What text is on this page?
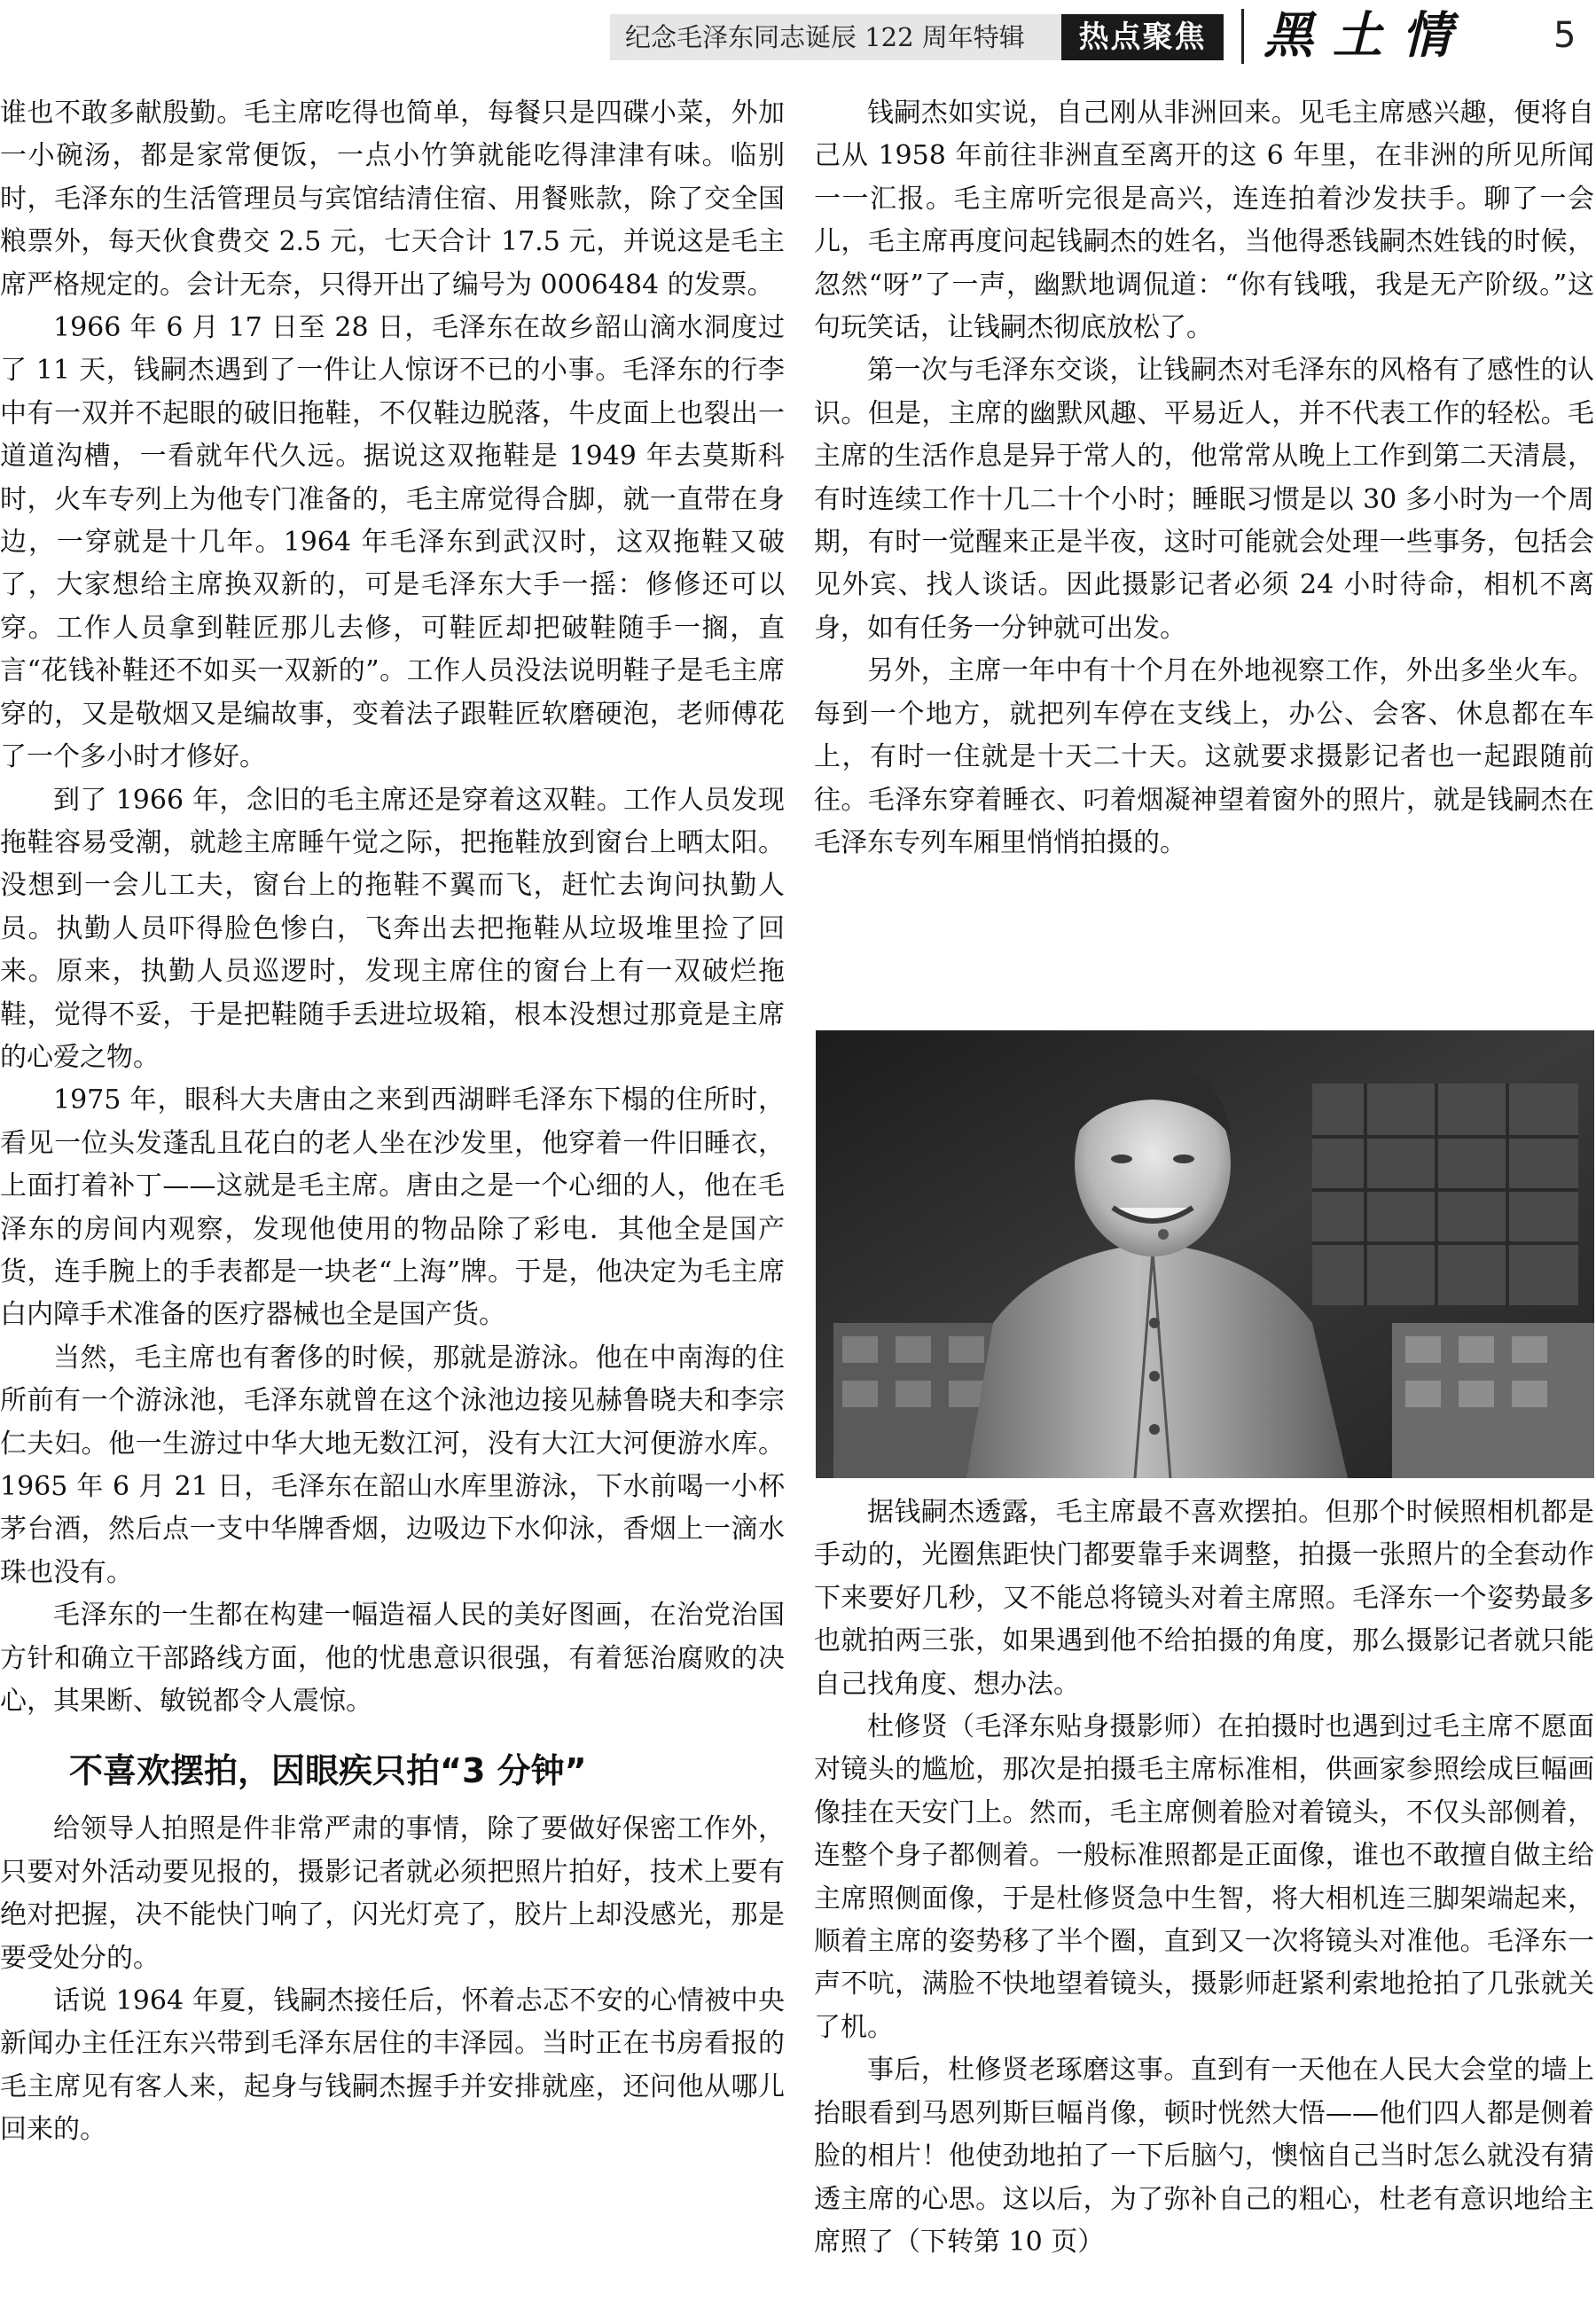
纪念毛泽东同志诞辰 122 周年特辑	热点聚焦	黑土情 5

谁也不敢多献殷勤。毛主席吃得也简单，每餐只是四碟小菜，外加一小碗汤，都是家常便饭，一点小竹笋就能吃得津津有味。临别时，毛泽东的生活管理员与宾馆结清住宿、用餐账款，除了交全国粮票外，每天伙食费交 2.5 元，七天合计 17.5 元，并说这是毛主席严格规定的。会计无奈，只得开出了编号为 0006484 的发票。

1966 年 6 月 17 日至 28 日，毛泽东在故乡韶山滴水洞度过了 11 天，钱嗣杰遇到了一件让人惊讶不已的小事。毛泽东的行李中有一双并不起眼的破旧拖鞋，不仅鞋边脱落，牛皮面上也裂出一道道沟槽，一看就年代久远。据说这双拖鞋是 1949 年去莫斯科时，火车专列上为他专门准备的，毛主席觉得合脚，就一直带在身边，一穿就是十几年。1964 年毛泽东到武汉时，这双拖鞋又破了，大家想给主席换双新的，可是毛泽东大手一摇：修修还可以穿。工作人员拿到鞋匠那儿去修，可鞋匠却把破鞋随手一搁，直言“花钱补鞋还不如买一双新的”。工作人员没法说明鞋子是毛主席穿的，又是敬烟又是编故事，变着法子跟鞋匠软磨硬泡，老师傅花了一个多小时才修好。

到了 1966 年，念旧的毛主席还是穿着这双鞋。工作人员发现拖鞋容易受潮，就趁主席睡午觉之际，把拖鞋放到窗台上晒太阳。没想到一会儿工夫，窗台上的拖鞋不翼而飞，赶忙去询问执勤人员。执勤人员吓得脸色惨白，飞奔出去把拖鞋从垃圾堆里捡了回来。原来，执勤人员巡逻时，发现主席住的窗台上有一双破烂拖鞋，觉得不妥，于是把鞋随手丢进垃圾箱，根本没想过那竟是主席的心爱之物。

1975 年，眼科大夫唐由之来到西湖畔毛泽东下榻的住所时，看见一位头发蓬乱且花白的老人坐在沙发里，他穿着一件旧睡衣，上面打着补丁——这就是毛主席。唐由之是一个心细的人，他在毛泽东的房间内观察，发现他使用的物品除了彩电．其他全是国产货，连手腕上的手表都是一块老“上海”牌。于是，他决定为毛主席白内障手术准备的医疗器械也全是国产货。

当然，毛主席也有奢侈的时候，那就是游泳。他在中南海的住所前有一个游泳池，毛泽东就曾在这个泳池边接见赫鲁晓夫和李宗仁夫妇。他一生游过中华大地无数江河，没有大江大河便游水库。1965 年 6 月 21 日，毛泽东在韶山水库里游泳，下水前喝一小杯茅台酒，然后点一支中华牌香烟，边吸边下水仰泳，香烟上一滴水珠也没有。

毛泽东的一生都在构建一幅造福人民的美好图画，在治党治国方针和确立干部路线方面，他的忧患意识很强，有着惩治腐败的决心，其果断、敏锐都令人震惊。

不喜欢摆拍，因眼疾只拍“3 分钟”

给领导人拍照是件非常严肃的事情，除了要做好保密工作外，只要对外活动要见报的，摄影记者就必须把照片拍好，技术上要有绝对把握，决不能快门响了，闪光灯亮了，胶片上却没感光，那是要受处分的。

话说 1964 年夏，钱嗣杰接任后，怀着忐忑不安的心情被中央新闻办主任汪东兴带到毛泽东居住的丰泽园。当时正在书房看报的毛主席见有客人来，起身与钱嗣杰握手并安排就座，还问他从哪儿回来的。

钱嗣杰如实说，自己刚从非洲回来。见毛主席感兴趣，便将自己从 1958 年前往非洲直至离开的这 6 年里，在非洲的所见所闻一一汇报。毛主席听完很是高兴，连连拍着沙发扶手。聊了一会儿，毛主席再度问起钱嗣杰的姓名，当他得悉钱嗣杰姓钱的时候，忽然“呀”了一声，幽默地调侃道：“你有钱哦，我是无产阶级。”这句玩笑话，让钱嗣杰彻底放松了。

第一次与毛泽东交谈，让钱嗣杰对毛泽东的风格有了感性的认识。但是，主席的幽默风趣、平易近人，并不代表工作的轻松。毛主席的生活作息是异于常人的，他常常从晚上工作到第二天清晨，有时连续工作十几二十个小时；睡眠习惯是以 30 多小时为一个周期，有时一觉醒来正是半夜，这时可能就会处理一些事务，包括会见外宾、找人谈话。因此摄影记者必须 24 小时待命，相机不离身，如有任务一分钟就可出发。

另外，主席一年中有十个月在外地视察工作，外出多坐火车。每到一个地方，就把列车停在支线上，办公、会客、休息都在车上，有时一住就是十天二十天。这就要求摄影记者也一起跟随前往。毛泽东穿着睡衣、叼着烟凝神望着窗外的照片，就是钱嗣杰在毛泽东专列车厢里悄悄拍摄的。

据钱嗣杰透露，毛主席最不喜欢摆拍。但那个时候照相机都是手动的，光圈焦距快门都要靠手来调整，拍摄一张照片的全套动作下来要好几秒，又不能总将镜头对着主席照。毛泽东一个姿势最多也就拍两三张，如果遇到他不给拍摄的角度，那么摄影记者就只能自己找角度、想办法。

杜修贤（毛泽东贴身摄影师）在拍摄时也遇到过毛主席不愿面对镜头的尴尬，那次是拍摄毛主席标准相，供画家参照绘成巨幅画像挂在天安门上。然而，毛主席侧着脸对着镜头，不仅头部侧着，连整个身子都侧着。一般标准照都是正面像，谁也不敢擅自做主给主席照侧面像，于是杜修贤急中生智，将大相机连三脚架端起来，顺着主席的姿势移了半个圈，直到又一次将镜头对准他。毛泽东一声不吭，满脸不快地望着镜头，摄影师赶紧利索地抢拍了几张就关了机。

事后，杜修贤老琢磨这事。直到有一天他在人民大会堂的墙上抬眼看到马恩列斯巨幅肖像，顿时恍然大悟——他们四人都是侧着脸的相片！他使劲地拍了一下后脑勺，懊恼自己当时怎么就没有猜透主席的心思。这以后，为了弥补自己的粗心，杜老有意识地给主席照了（下转第 10 页）
